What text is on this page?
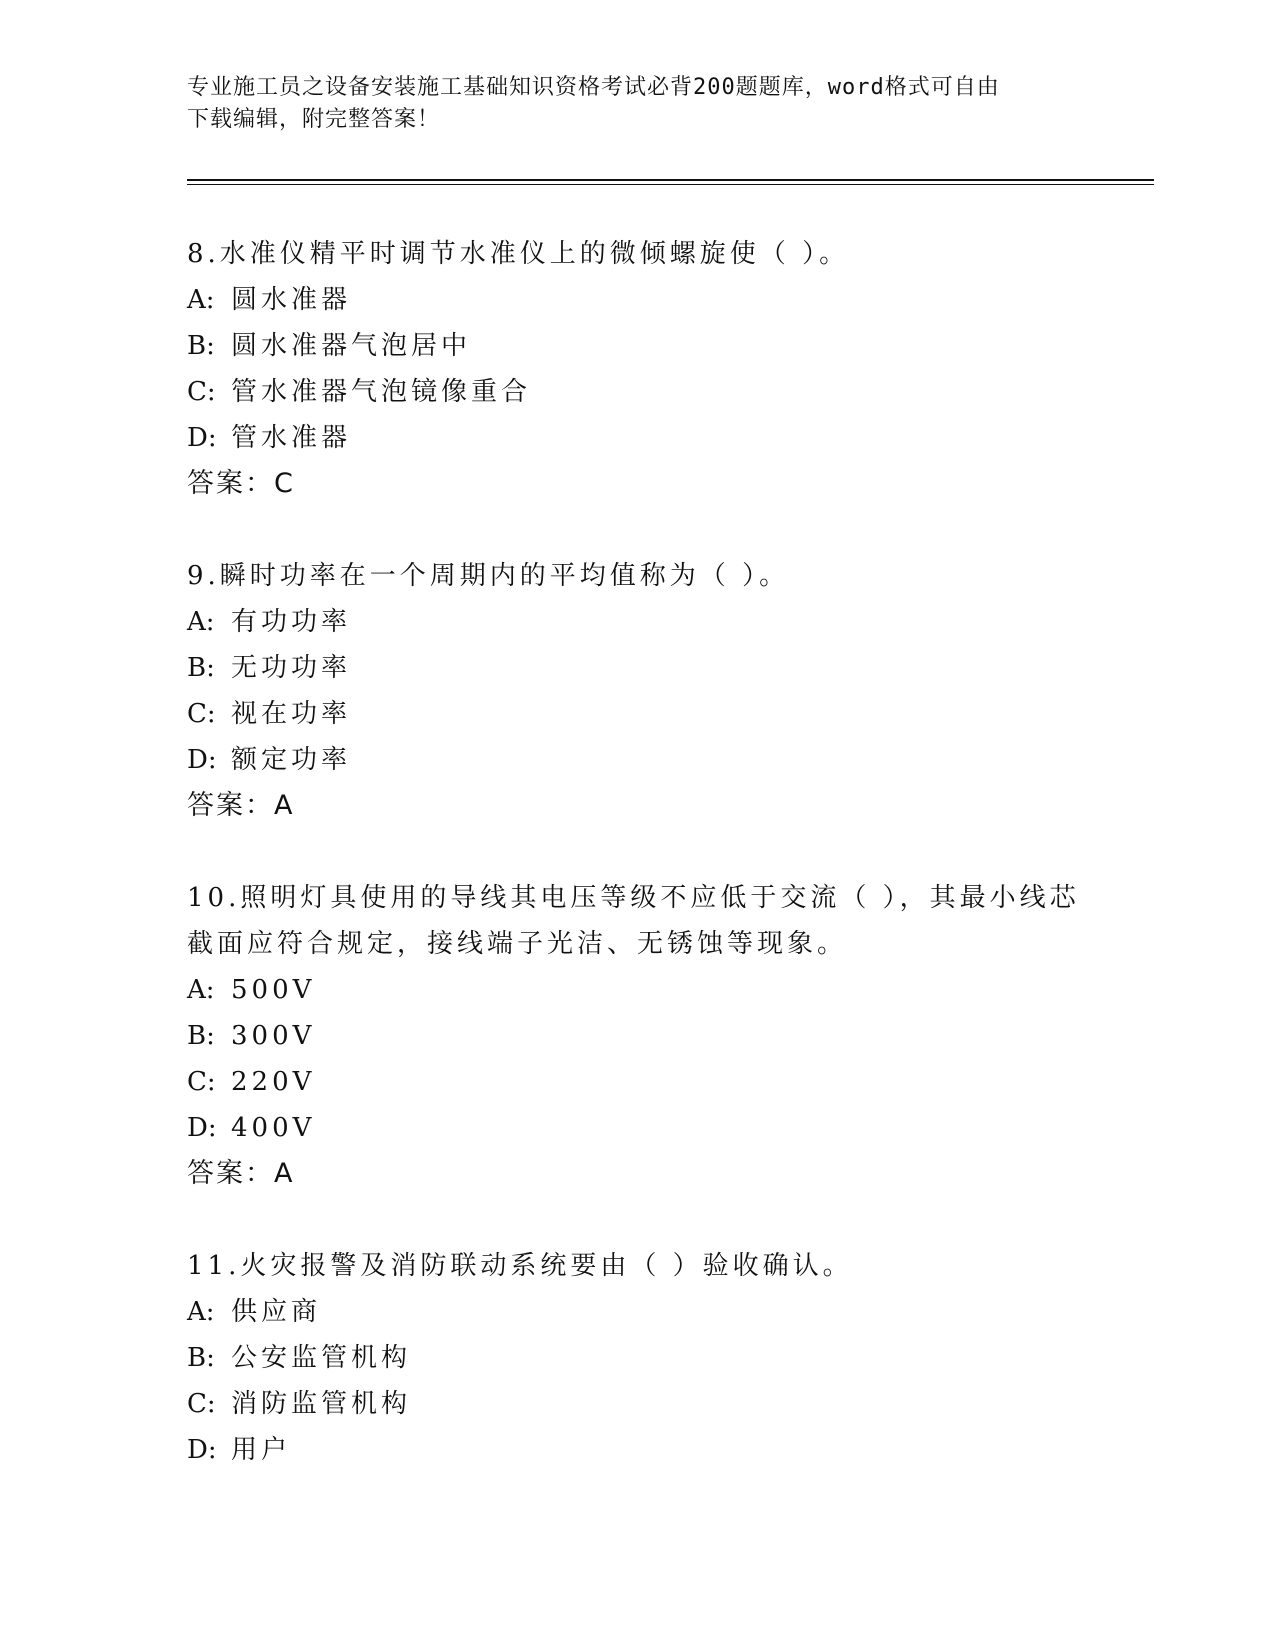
专业施工员之设备安装施工基础知识资格考试必背200题题库，word格式可自由
下载编辑，附完整答案！
8.水准仪精平时调节水准仪上的微倾螺旋使（ ）。
A: 圆水准器
B: 圆水准器气泡居中
C: 管水准器气泡镜像重合
D: 管水准器
答案：C
9.瞬时功率在一个周期内的平均值称为（ ）。
A: 有功功率
B: 无功功率
C: 视在功率
D: 额定功率
答案：A
10.照明灯具使用的导线其电压等级不应低于交流（ ），其最小线芯截面应符合规定，接线端子光洁、无锈蚀等现象。
A: 500V
B: 300V
C: 220V
D: 400V
答案：A
11.火灾报警及消防联动系统要由（ ）验收确认。
A: 供应商
B: 公安监管机构
C: 消防监管机构
D: 用户
